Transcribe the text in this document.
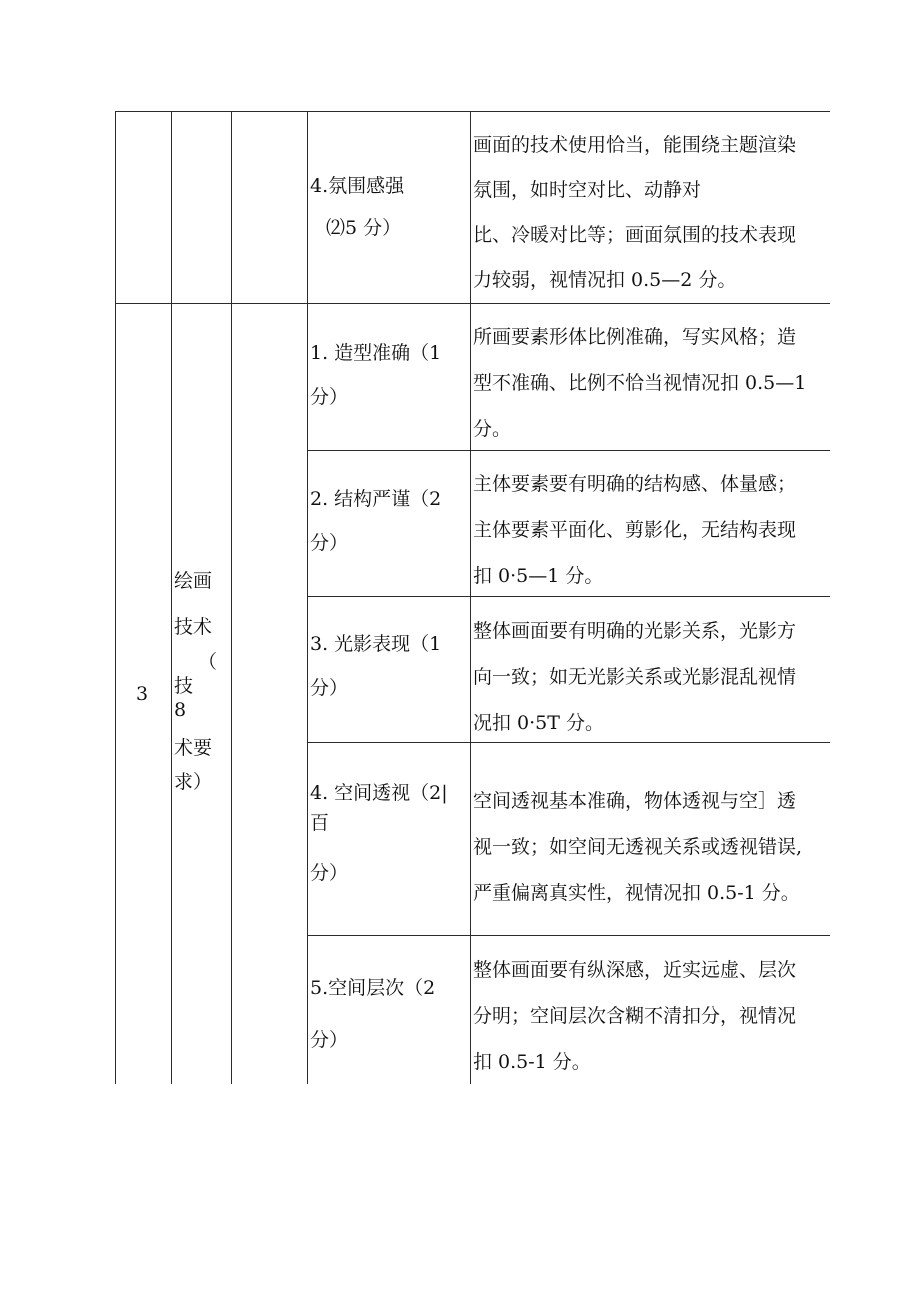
4.氛围感强
⑵5 分）
画面的技术使用恰当，能围绕主题渲染
氛围，如时空对比、动静对
比、冷暖对比等；画面氛围的技术表现
力较弱，视情况扣 0.5—2 分。
3
绘画
技术
（
技
8
术要
求）
1. 造型准确（1
分）
所画要素形体比例准确，写实风格；造
型不准确、比例不恰当视情况扣 0.5—1
分。
2. 结构严谨（2
分）
主体要素要有明确的结构感、体量感；
主体要素平面化、剪影化，无结构表现
扣 0·5—1 分。
3. 光影表现（1
分）
整体画面要有明确的光影关系，光影方
向一致；如无光影关系或光影混乱视情
况扣 0·5T 分。
4. 空间透视（2|
百
分）
空间透视基本准确，物体透视与空］透
视一致；如空间无透视关系或透视错误,
严重偏离真实性，视情况扣 0.5-1 分。
5.空间层次（2
分）
整体画面要有纵深感，近实远虚、层次
分明；空间层次含糊不清扣分，视情况
扣 0.5-1 分。
